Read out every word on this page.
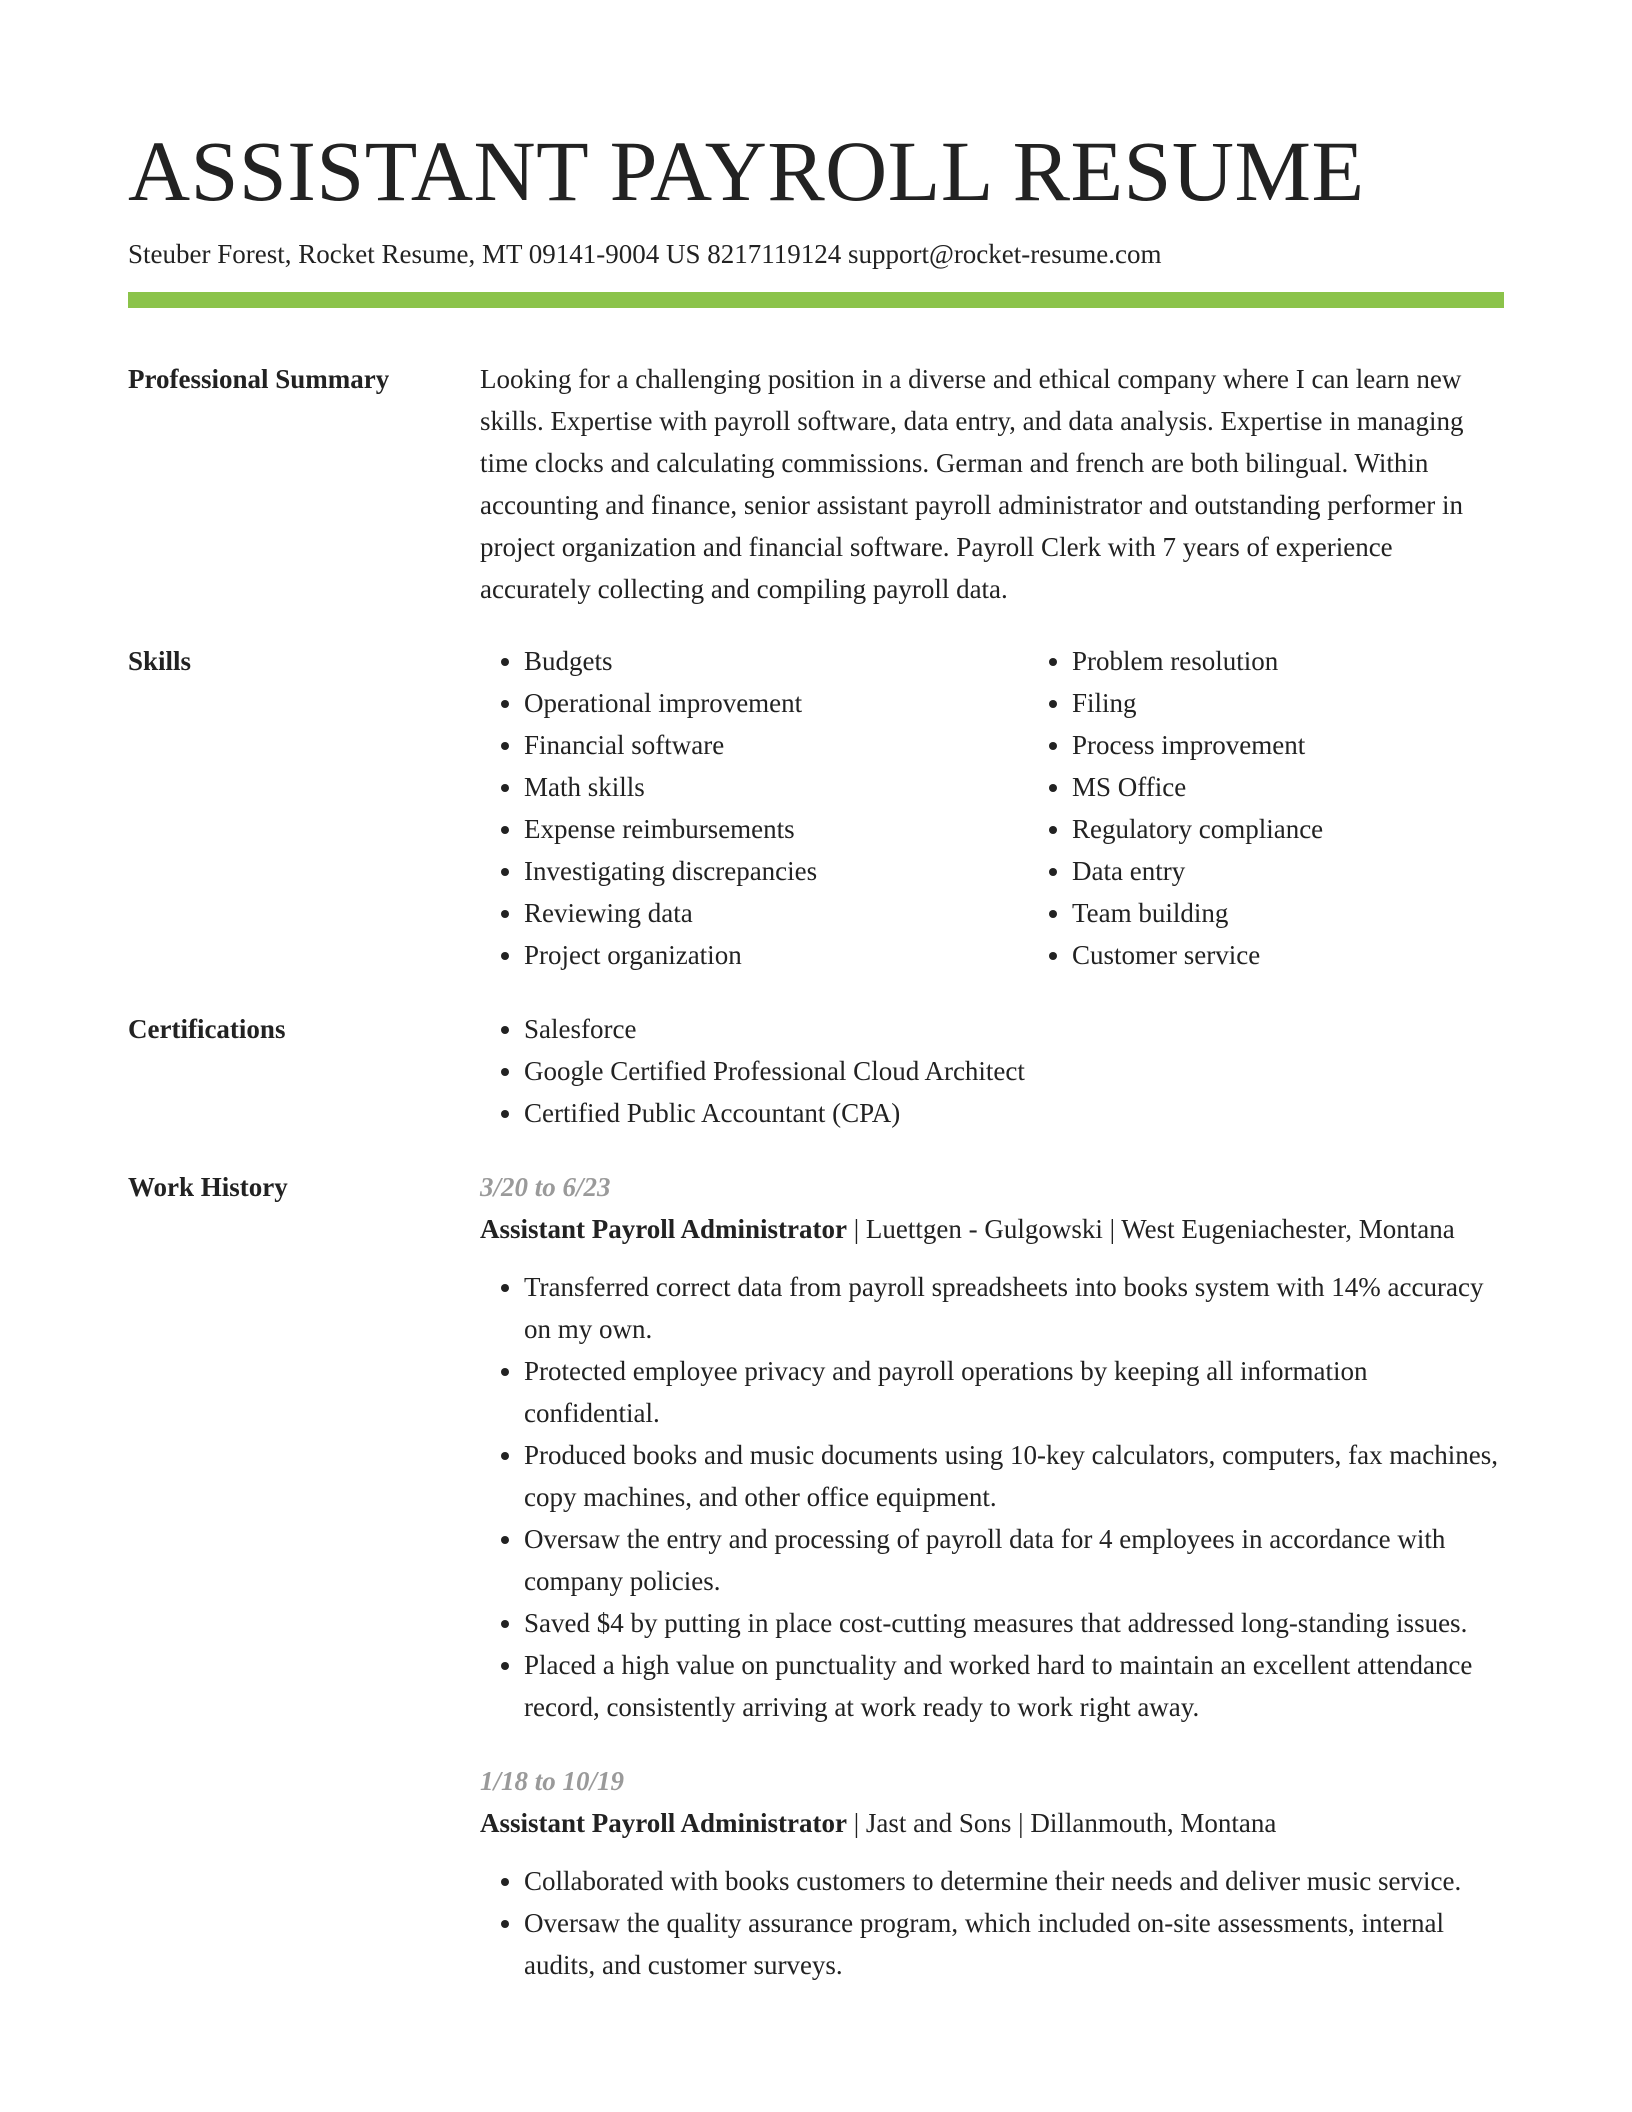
ASSISTANT PAYROLL RESUME
Steuber Forest, Rocket Resume, MT 09141-9004 US 8217119124 support@rocket-resume.com
Professional Summary	Looking for a challenging position in a diverse and ethical company where I can learn new skills. Expertise with payroll software, data entry, and data analysis. Expertise in managing time clocks and calculating commissions. German and french are both bilingual. Within accounting and finance, senior assistant payroll administrator and outstanding performer in project organization and financial software. Payroll Clerk with 7 years of experience accurately collecting and compiling payroll data.
Skills	• Budgets
• Operational improvement
• Financial software
• Math skills
• Expense reimbursements
• Investigating discrepancies
• Reviewing data
• Project organization
• Problem resolution
• Filing
• Process improvement
• MS Office
• Regulatory compliance
• Data entry
• Team building
• Customer service
Certifications	• Salesforce
• Google Certified Professional Cloud Architect
• Certified Public Accountant (CPA)
Work History	3/20 to 6/23
Assistant Payroll Administrator | Luettgen - Gulgowski | West Eugeniachester, Montana
• Transferred correct data from payroll spreadsheets into books system with 14% accuracy on my own.
• Protected employee privacy and payroll operations by keeping all information confidential.
• Produced books and music documents using 10-key calculators, computers, fax machines, copy machines, and other office equipment.
• Oversaw the entry and processing of payroll data for 4 employees in accordance with company policies.
• Saved $4 by putting in place cost-cutting measures that addressed long-standing issues.
• Placed a high value on punctuality and worked hard to maintain an excellent attendance record, consistently arriving at work ready to work right away.
1/18 to 10/19
Assistant Payroll Administrator | Jast and Sons | Dillanmouth, Montana
• Collaborated with books customers to determine their needs and deliver music service.
• Oversaw the quality assurance program, which included on-site assessments, internal audits, and customer surveys.
